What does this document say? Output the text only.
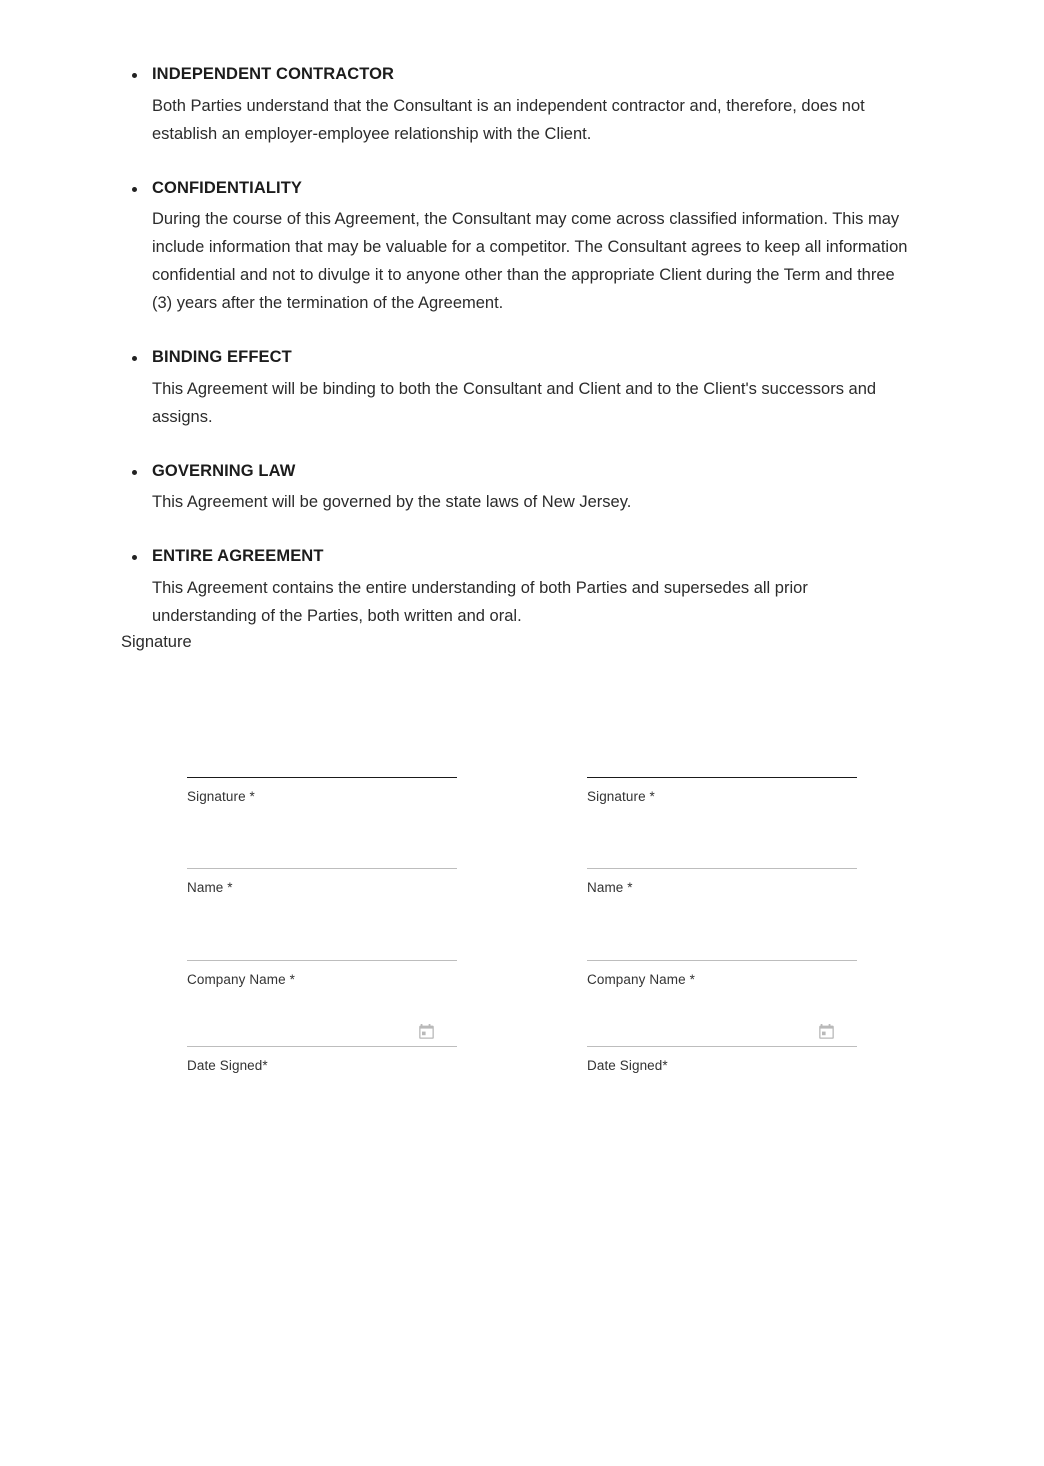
INDEPENDENT CONTRACTOR

Both Parties understand that the Consultant is an independent contractor and, therefore, does not establish an employer-employee relationship with the Client.

CONFIDENTIALITY

During the course of this Agreement, the Consultant may come across classified information. This may include information that may be valuable for a competitor. The Consultant agrees to keep all information confidential and not to divulge it to anyone other than the appropriate Client during the Term and three (3) years after the termination of the Agreement.

BINDING EFFECT

This Agreement will be binding to both the Consultant and Client and to the Client's successors and assigns.

GOVERNING LAW

This Agreement will be governed by the state laws of New Jersey.

ENTIRE AGREEMENT

This Agreement contains the entire understanding of both Parties and supersedes all prior understanding of the Parties, both written and oral.

Signature
Signature *
Name *
Company Name *
Date Signed*
Signature *
Name *
Company Name *
Date Signed*
